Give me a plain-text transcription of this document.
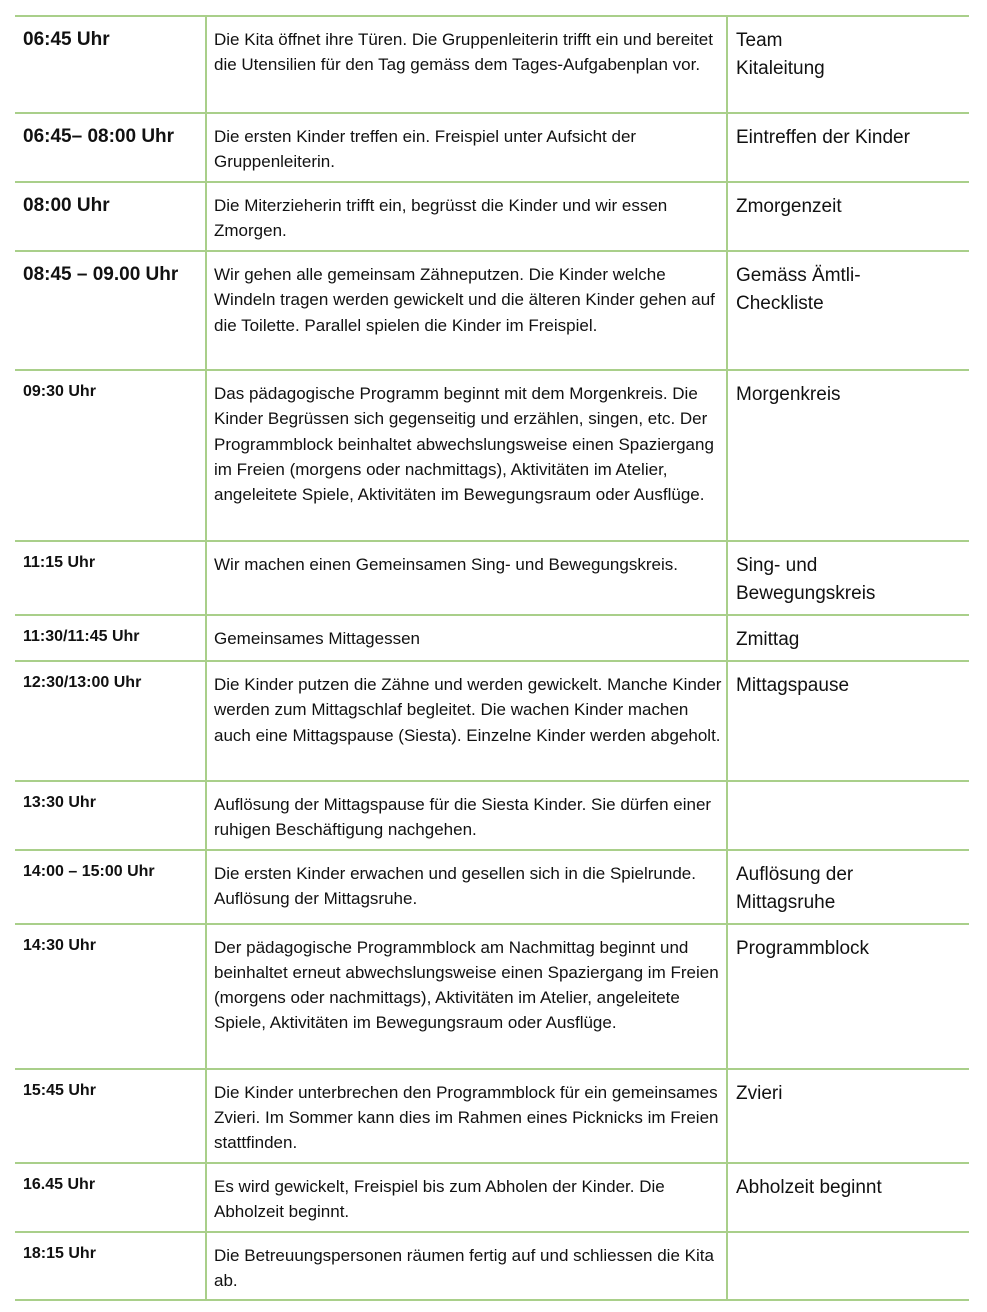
06:45 Uhr	Die Kita öffnet ihre Türen. Die Gruppenleiterin trifft ein und bereitet die Utensilien für den Tag gemäss dem Tages-Aufgabenplan vor.	Team
Kitaleitung

06:45– 08:00 Uhr	Die ersten Kinder treffen ein. Freispiel unter Aufsicht der Gruppenleiterin.	Eintreffen der Kinder

08:00 Uhr	Die Miterzieherin trifft ein, begrüsst die Kinder und wir essen Zmorgen.	Zmorgenzeit

08:45 – 09.00 Uhr	Wir gehen alle gemeinsam Zähneputzen. Die Kinder welche Windeln tragen werden gewickelt und die älteren Kinder gehen auf die Toilette. Parallel spielen die Kinder im Freispiel.	Gemäss Ämtli-
Checkliste

09:30 Uhr	Das pädagogische Programm beginnt mit dem Morgenkreis. Die Kinder Begrüssen sich gegenseitig und erzählen, singen, etc. Der Programmblock beinhaltet abwechslungsweise einen Spaziergang im Freien (morgens oder nachmittags), Aktivitäten im Atelier, angeleitete Spiele, Aktivitäten im Bewegungsraum oder Ausflüge.	Morgenkreis

11:15 Uhr	Wir machen einen Gemeinsamen Sing- und Bewegungskreis.	Sing- und
Bewegungskreis

11:30/11:45 Uhr	Gemeinsames Mittagessen	Zmittag

12:30/13:00 Uhr	Die Kinder putzen die Zähne und werden gewickelt. Manche Kinder werden zum Mittagschlaf begleitet. Die wachen Kinder machen auch eine Mittagspause (Siesta). Einzelne Kinder werden abgeholt.	Mittagspause

13:30 Uhr	Auflösung der Mittagspause für die Siesta Kinder. Sie dürfen einer ruhigen Beschäftigung nachgehen.	

14:00 – 15:00 Uhr	Die ersten Kinder erwachen und gesellen sich in die Spielrunde. Auflösung der Mittagsruhe.	Auflösung der
Mittagsruhe

14:30 Uhr	Der pädagogische Programmblock am Nachmittag beginnt und beinhaltet erneut abwechslungsweise einen Spaziergang im Freien (morgens oder nachmittags), Aktivitäten im Atelier, angeleitete Spiele, Aktivitäten im Bewegungsraum oder Ausflüge.	Programmblock

15:45 Uhr	Die Kinder unterbrechen den Programmblock für ein gemeinsames Zvieri. Im Sommer kann dies im Rahmen eines Picknicks im Freien stattfinden.	Zvieri

16.45 Uhr	Es wird gewickelt, Freispiel bis zum Abholen der Kinder. Die Abholzeit beginnt.	Abholzeit beginnt

18:15 Uhr	Die Betreuungspersonen räumen fertig auf und schliessen die Kita ab.	
